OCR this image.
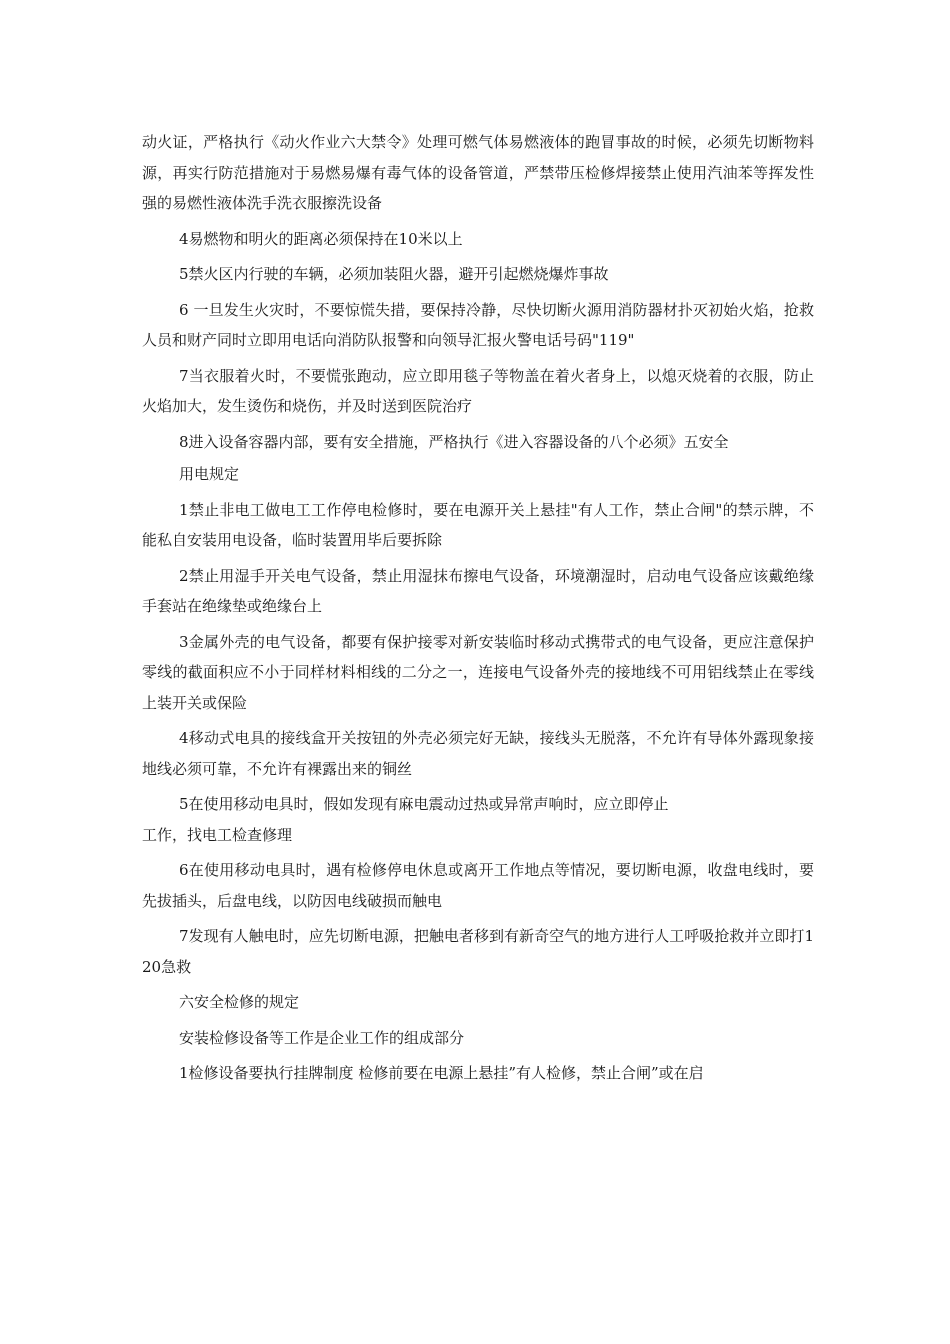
动火证，严格执行《动火作业六大禁令》处理可燃气体易燃液体的跑冒事故的时候，必须先切断物料源，再实行防范措施对于易燃易爆有毒气体的设备管道，严禁带压检修焊接禁止使用汽油苯等挥发性强的易燃性液体洗手洗衣服擦洗设备

4易燃物和明火的距离必须保持在10米以上

5禁火区内行驶的车辆，必须加装阻火器，避开引起燃烧爆炸事故

6 一旦发生火灾时，不要惊慌失措，要保持冷静，尽快切断火源用消防器材扑灭初始火焰，抢救人员和财产同时立即用电话向消防队报警和向领导汇报火警电话号码"119"

7当衣服着火时，不要慌张跑动，应立即用毯子等物盖在着火者身上，以熄灭烧着的衣服，防止火焰加大，发生烫伤和烧伤，并及时送到医院治疗

8进入设备容器内部，要有安全措施，严格执行《进入容器设备的八个必须》五安全

用电规定

1禁止非电工做电工工作停电检修时，要在电源开关上悬挂"有人工作，禁止合闸"的禁示牌，不能私自安装用电设备，临时装置用毕后要拆除

2禁止用湿手开关电气设备，禁止用湿抹布擦电气设备，环境潮湿时，启动电气设备应该戴绝缘手套站在绝缘垫或绝缘台上

3金属外壳的电气设备，都要有保护接零对新安装临时移动式携带式的电气设备，更应注意保护零线的截面积应不小于同样材料相线的二分之一，连接电气设备外壳的接地线不可用铝线禁止在零线上装开关或保险

4移动式电具的接线盒开关按钮的外壳必须完好无缺，接线头无脱落，不允许有导体外露现象接地线必须可靠，不允许有裸露出来的铜丝

5在使用移动电具时，假如发现有麻电震动过热或异常声响时，应立即停止

工作，找电工检查修理

6在使用移动电具时，遇有检修停电休息或离开工作地点等情况，要切断电源，收盘电线时，要先拔插头，后盘电线，以防因电线破损而触电

7发现有人触电时，应先切断电源，把触电者移到有新奇空气的地方进行人工呼吸抢救并立即打120急救

六安全检修的规定

安装检修设备等工作是企业工作的组成部分

1检修设备要执行挂牌制度 检修前要在电源上悬挂”有人检修，禁止合闸”或在启
